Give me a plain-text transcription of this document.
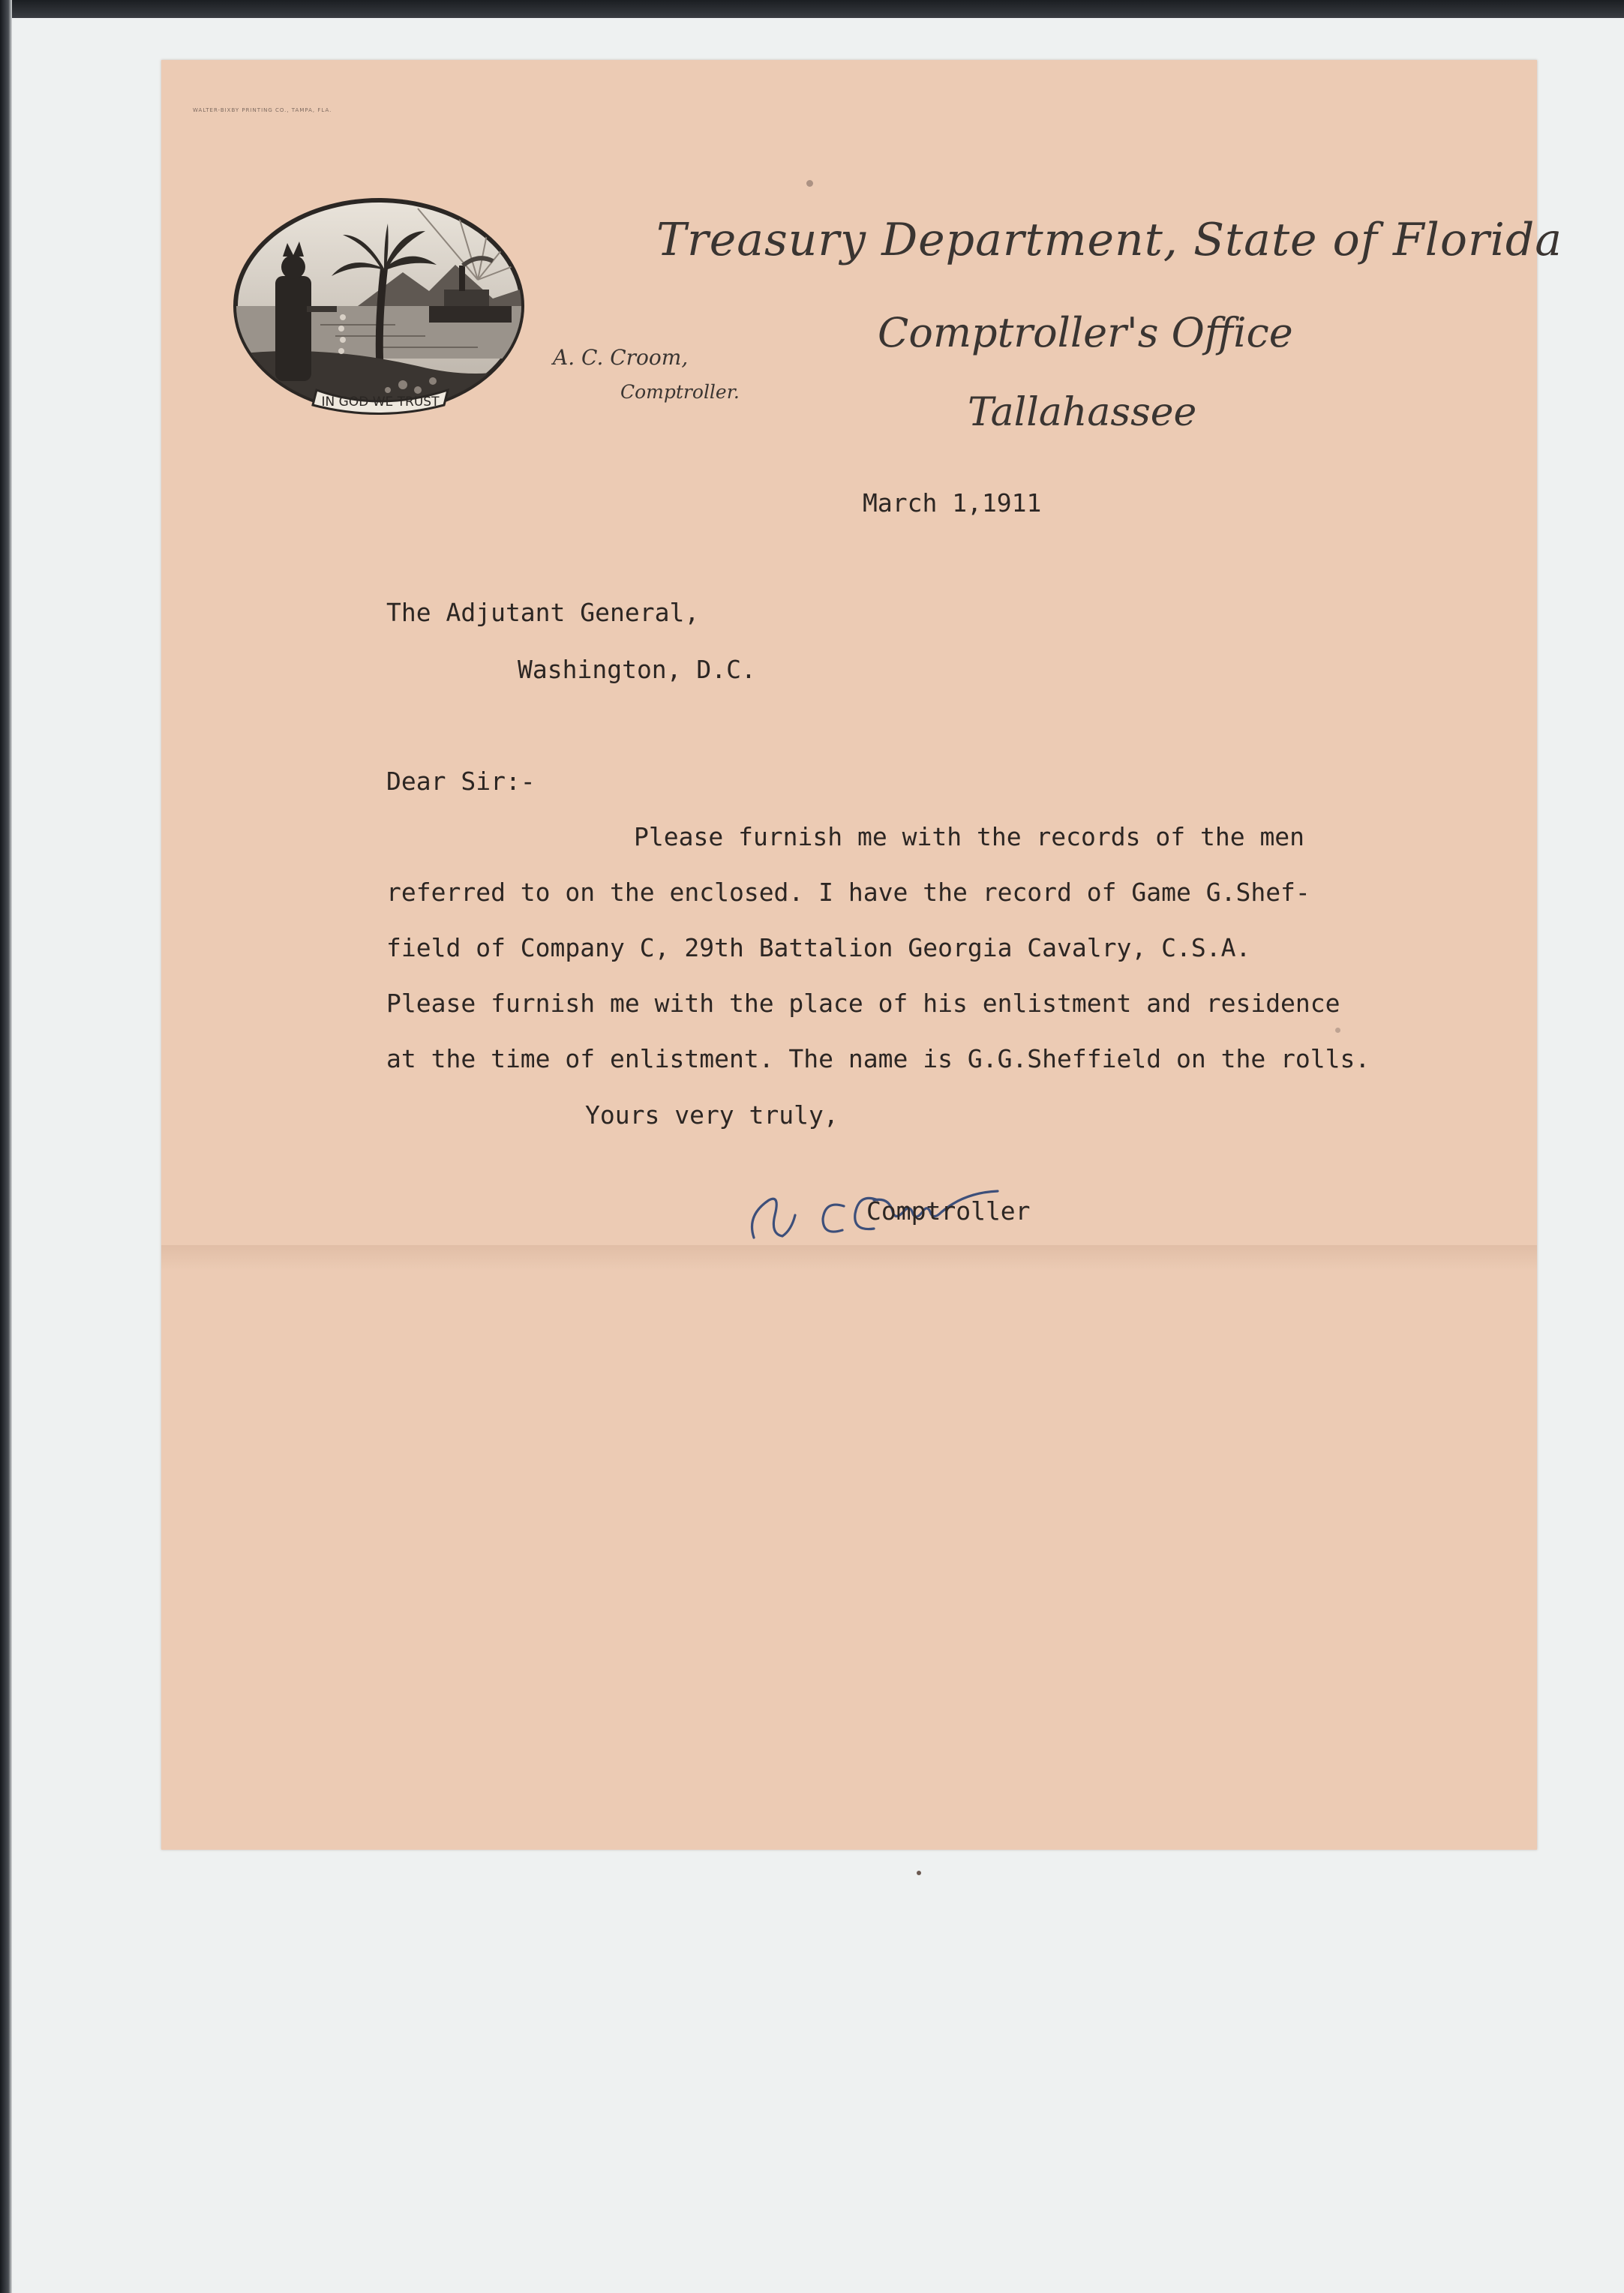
WALTER-BIXBY PRINTING CO., TAMPA, FLA.
IN GOD WE TRUST
Treasury Department, State of Florida
Comptroller's Office
Tallahassee
A. C. Croom,
Comptroller.
March 1,1911
The Adjutant General,
Washington, D.C.
Dear Sir:-
Please furnish me with the records of the men
referred to on the enclosed. I have the record of Game G.Shef-
field of Company C, 29th Battalion Georgia Cavalry, C.S.A.
Please furnish me with the place of his enlistment and residence
at the time of enlistment. The name is G.G.Sheffield on the rolls.
Yours very truly,
Comptroller
